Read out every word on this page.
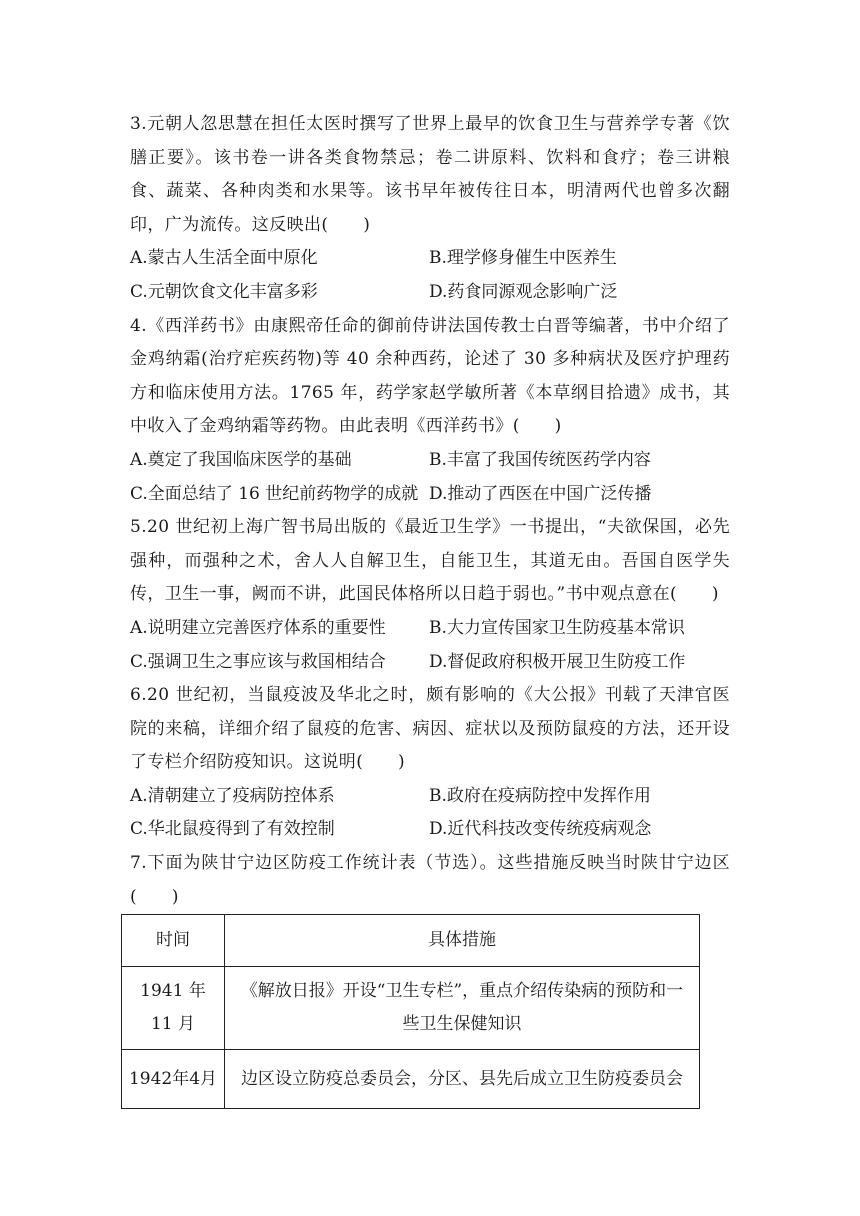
3.元朝人忽思慧在担任太医时撰写了世界上最早的饮食卫生与营养学专著《饮膳正要》。该书卷一讲各类食物禁忌；卷二讲原料、饮料和食疗；卷三讲粮食、蔬菜、各种肉类和水果等。该书早年被传往日本，明清两代也曾多次翻印，广为流传。这反映出(　　)

A.蒙古人生活全面中原化	B.理学修身催生中医养生
C.元朝饮食文化丰富多彩	D.药食同源观念影响广泛

4.《西洋药书》由康熙帝任命的御前侍讲法国传教士白晋等编著，书中介绍了金鸡纳霜(治疗疟疾药物)等 40 余种西药，论述了 30 多种病状及医疗护理药方和临床使用方法。1765 年，药学家赵学敏所著《本草纲目拾遗》成书，其中收入了金鸡纳霜等药物。由此表明《西洋药书》(　　)

A.奠定了我国临床医学的基础	B.丰富了我国传统医药学内容
C.全面总结了 16 世纪前药物学的成就 D.推动了西医在中国广泛传播

5.20 世纪初上海广智书局出版的《最近卫生学》一书提出，“夫欲保国，必先强种，而强种之术，舍人人自解卫生，自能卫生，其道无由。吾国自医学失传，卫生一事，阙而不讲，此国民体格所以日趋于弱也。”书中观点意在(　　)

A.说明建立完善医疗体系的重要性	B.大力宣传国家卫生防疫基本常识
C.强调卫生之事应该与救国相结合	D.督促政府积极开展卫生防疫工作

6.20 世纪初，当鼠疫波及华北之时，颇有影响的《大公报》刊载了天津官医院的来稿，详细介绍了鼠疫的危害、病因、症状以及预防鼠疫的方法，还开设了专栏介绍防疫知识。这说明(　　)

A.清朝建立了疫病防控体系	B.政府在疫病防控中发挥作用
C.华北鼠疫得到了有效控制	D.近代科技改变传统疫病观念

7.下面为陕甘宁边区防疫工作统计表（节选）。这些措施反映当时陕甘宁边区(　　)

时间	具体措施
1941 年 11 月	《解放日报》开设“卫生专栏”，重点介绍传染病的预防和一些卫生保健知识
1942年4月	边区设立防疫总委员会，分区、县先后成立卫生防疫委员会
